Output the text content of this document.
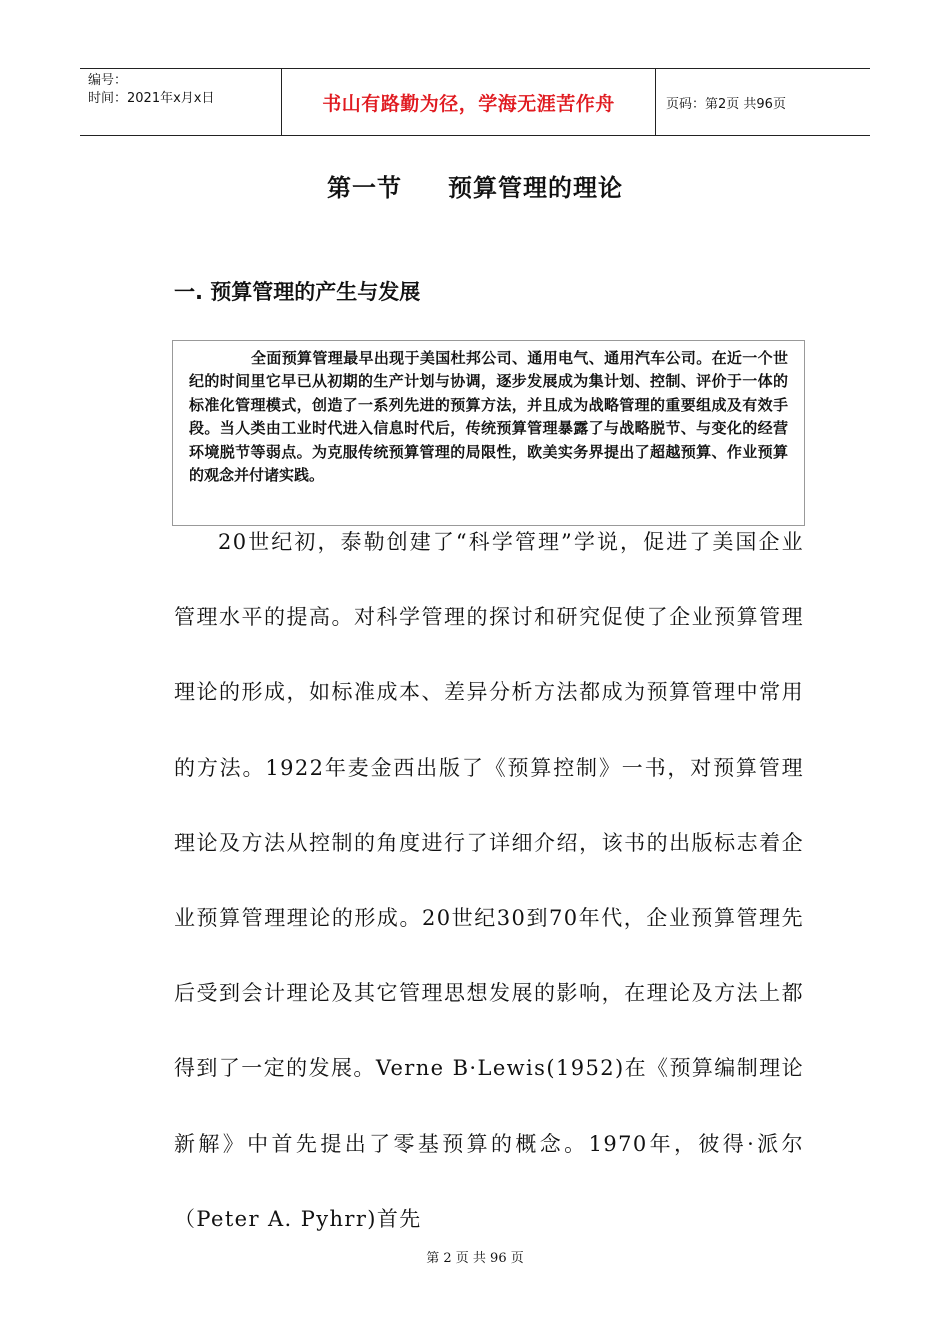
编号：
时间：2021年x月x日	书山有路勤为径，学海无涯苦作舟	页码：第2页 共96页
第一节 预算管理的理论
一. 预算管理的产生与发展
全面预算管理最早出现于美国杜邦公司、通用电气、通用汽车公司。在近一个世纪的时间里它早已从初期的生产计划与协调，逐步发展成为集计划、控制、评价于一体的标准化管理模式，创造了一系列先进的预算方法，并且成为战略管理的重要组成及有效手段。当人类由工业时代进入信息时代后，传统预算管理暴露了与战略脱节、与变化的经营环境脱节等弱点。为克服传统预算管理的局限性，欧美实务界提出了超越预算、作业预算的观念并付诸实践。
20世纪初，泰勒创建了“科学管理”学说，促进了美国企业管理水平的提高。对科学管理的探讨和研究促使了企业预算管理理论的形成，如标准成本、差异分析方法都成为预算管理中常用的方法。1922年麦金西出版了《预算控制》一书，对预算管理理论及方法从控制的角度进行了详细介绍，该书的出版标志着企业预算管理理论的形成。20世纪30到70年代，企业预算管理先后受到会计理论及其它管理思想发展的影响，在理论及方法上都得到了一定的发展。Verne B·Lewis(1952)在《预算编制理论新解》中首先提出了零基预算的概念。1970年，彼得·派尔（Peter A. Pyhrr)首先
第 2 页 共 96 页
